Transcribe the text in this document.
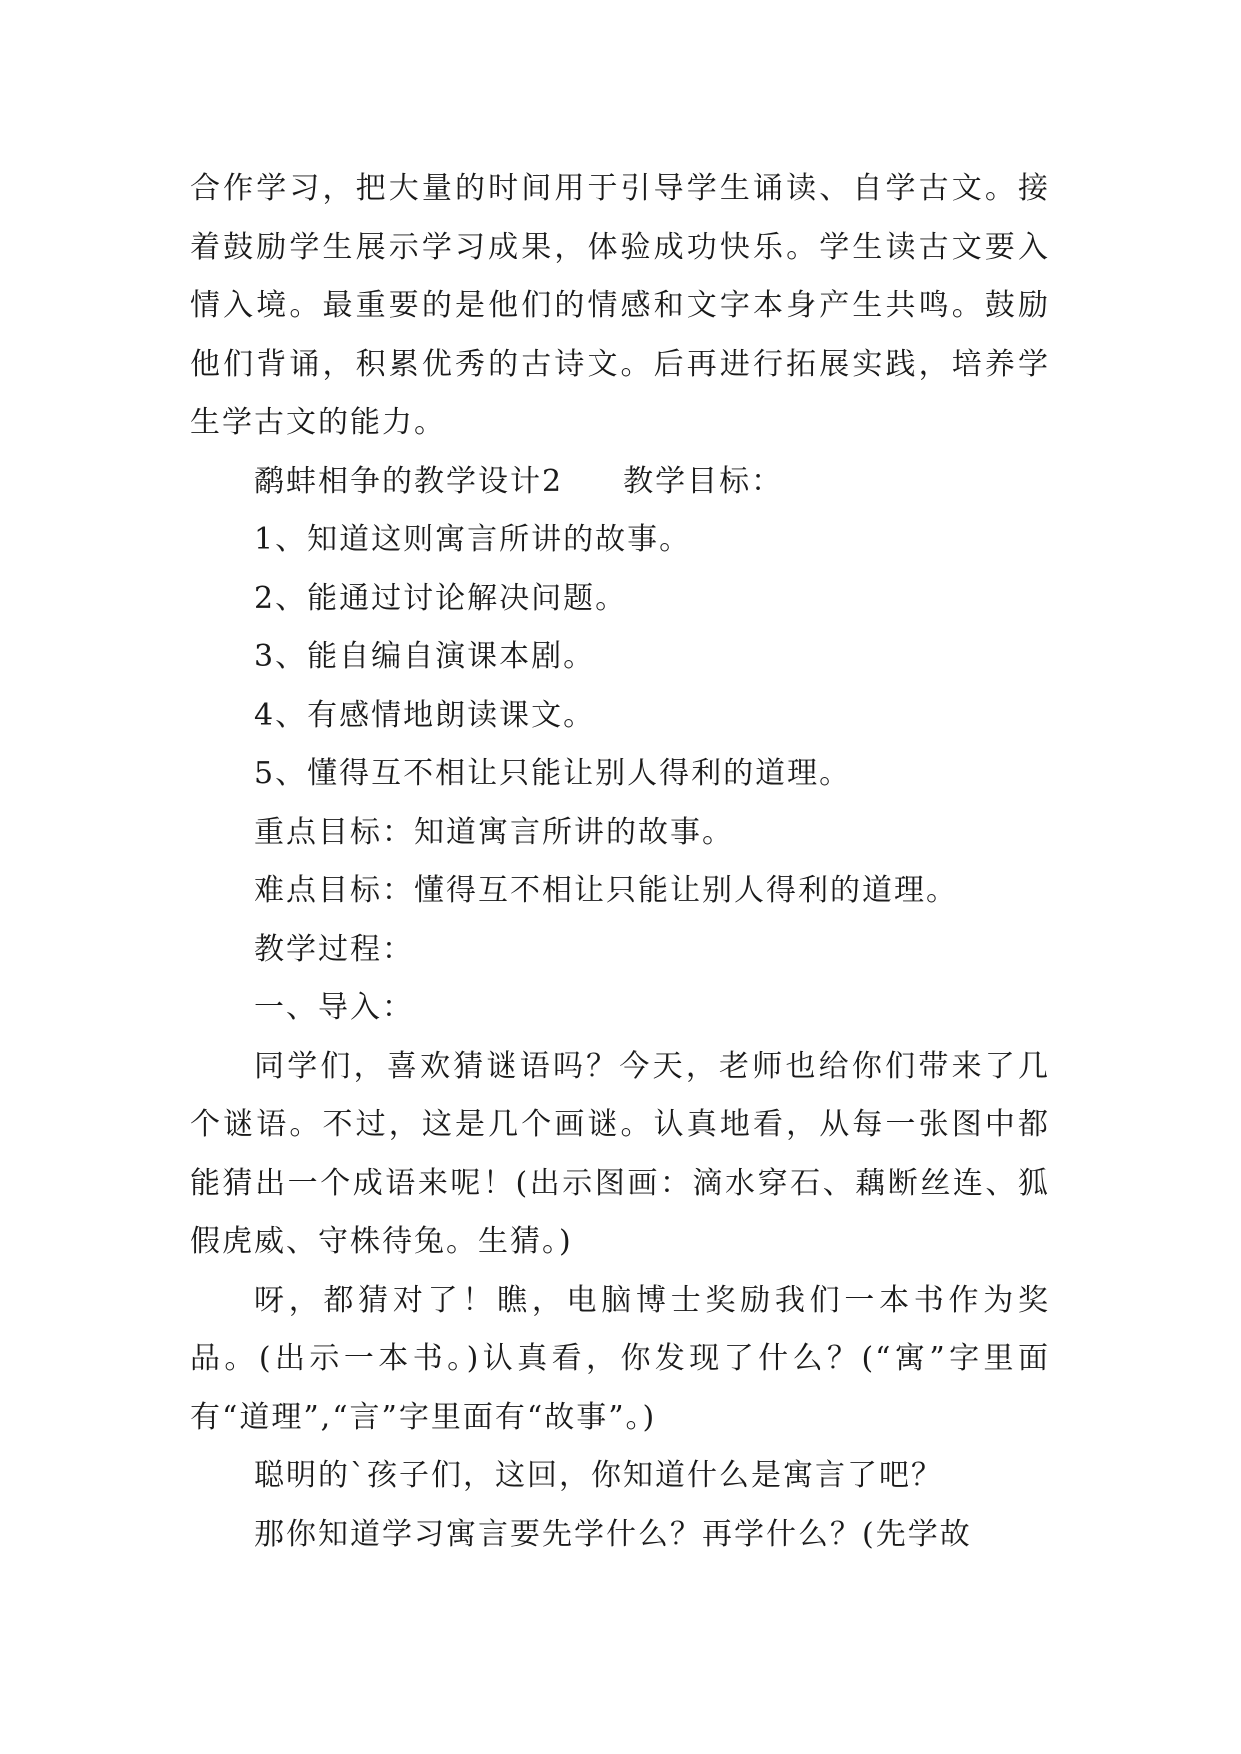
合作学习，把大量的时间用于引导学生诵读、自学古文。接着鼓励学生展示学习成果，体验成功快乐。学生读古文要入情入境。最重要的是他们的情感和文字本身产生共鸣。鼓励他们背诵，积累优秀的古诗文。后再进行拓展实践，培养学生学古文的能力。

鹬蚌相争的教学设计2 教学目标：

1、知道这则寓言所讲的故事。

2、能通过讨论解决问题。

3、能自编自演课本剧。

4、有感情地朗读课文。

5、懂得互不相让只能让别人得利的道理。

重点目标：知道寓言所讲的故事。

难点目标：懂得互不相让只能让别人得利的道理。

教学过程：

一、导入：

同学们，喜欢猜谜语吗？今天，老师也给你们带来了几个谜语。不过，这是几个画谜。认真地看，从每一张图中都能猜出一个成语来呢！(出示图画：滴水穿石、藕断丝连、狐假虎威、守株待兔。生猜。)

呀，都猜对了！瞧，电脑博士奖励我们一本书作为奖品。(出示一本书。)认真看，你发现了什么？(“寓”字里面有“道理”,“言”字里面有“故事”。)

聪明的`孩子们，这回，你知道什么是寓言了吧？

那你知道学习寓言要先学什么？再学什么？(先学故
